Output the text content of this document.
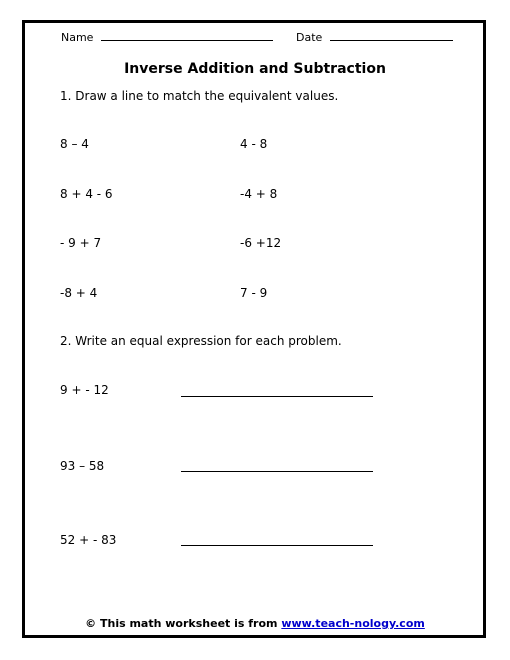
Name	Date
Inverse Addition and Subtraction
1. Draw a line to match the equivalent values.
8 – 4	4 - 8
8 + 4 - 6	-4 + 8
- 9 + 7	-6 +12
-8 + 4	7 - 9
2. Write an equal expression for each problem.
9 + - 12
93 – 58
52 + - 83
© This math worksheet is from www.teach-nology.com
